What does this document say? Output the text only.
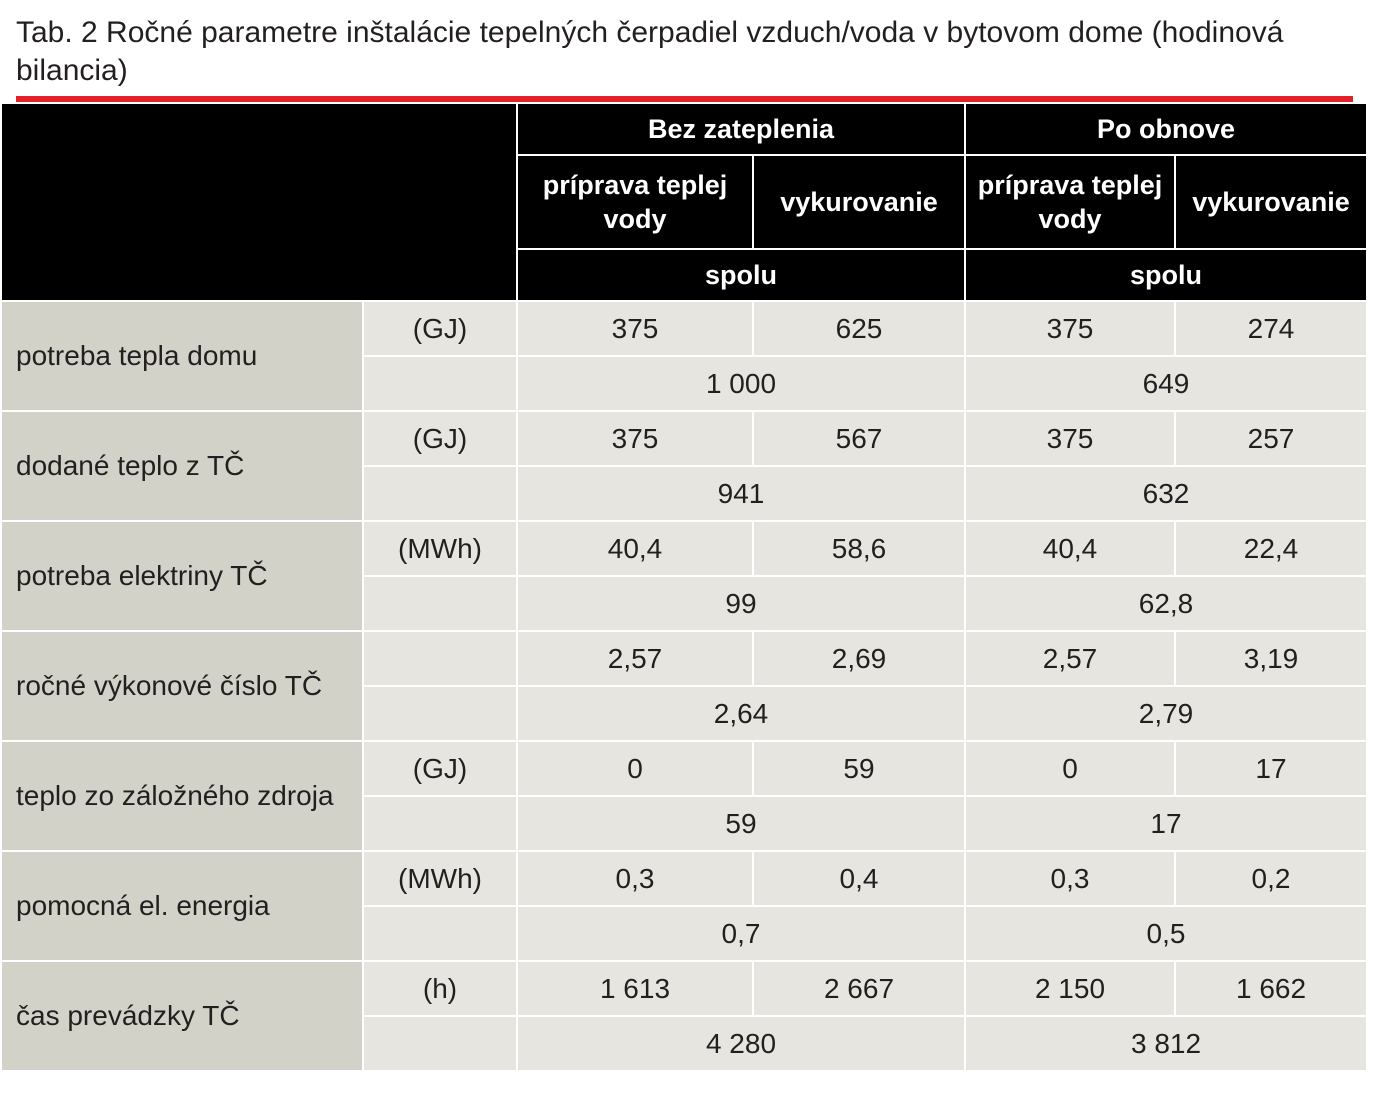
Tab. 2 Ročné parametre inštalácie tepelných čerpadiel vzduch/voda v bytovom dome (hodinová bilancia)
		Bez zateplenia		Po obnove	
		príprava teplej vody	vykurovanie	príprava teplej vody	vykurovanie
		spolu		spolu	
potreba tepla domu	(GJ)	375	625	375	274
		1 000		649	
dodané teplo z TČ	(GJ)	375	567	375	257
		941		632	
potreba elektriny TČ	(MWh)	40,4	58,6	40,4	22,4
		99		62,8	
ročné výkonové číslo TČ		2,57	2,69	2,57	3,19
		2,64		2,79	
teplo zo záložného zdroja	(GJ)	0	59	0	17
		59		17	
pomocná el. energia	(MWh)	0,3	0,4	0,3	0,2
		0,7		0,5	
čas prevádzky TČ	(h)	1 613	2 667	2 150	1 662
		4 280		3 812	
